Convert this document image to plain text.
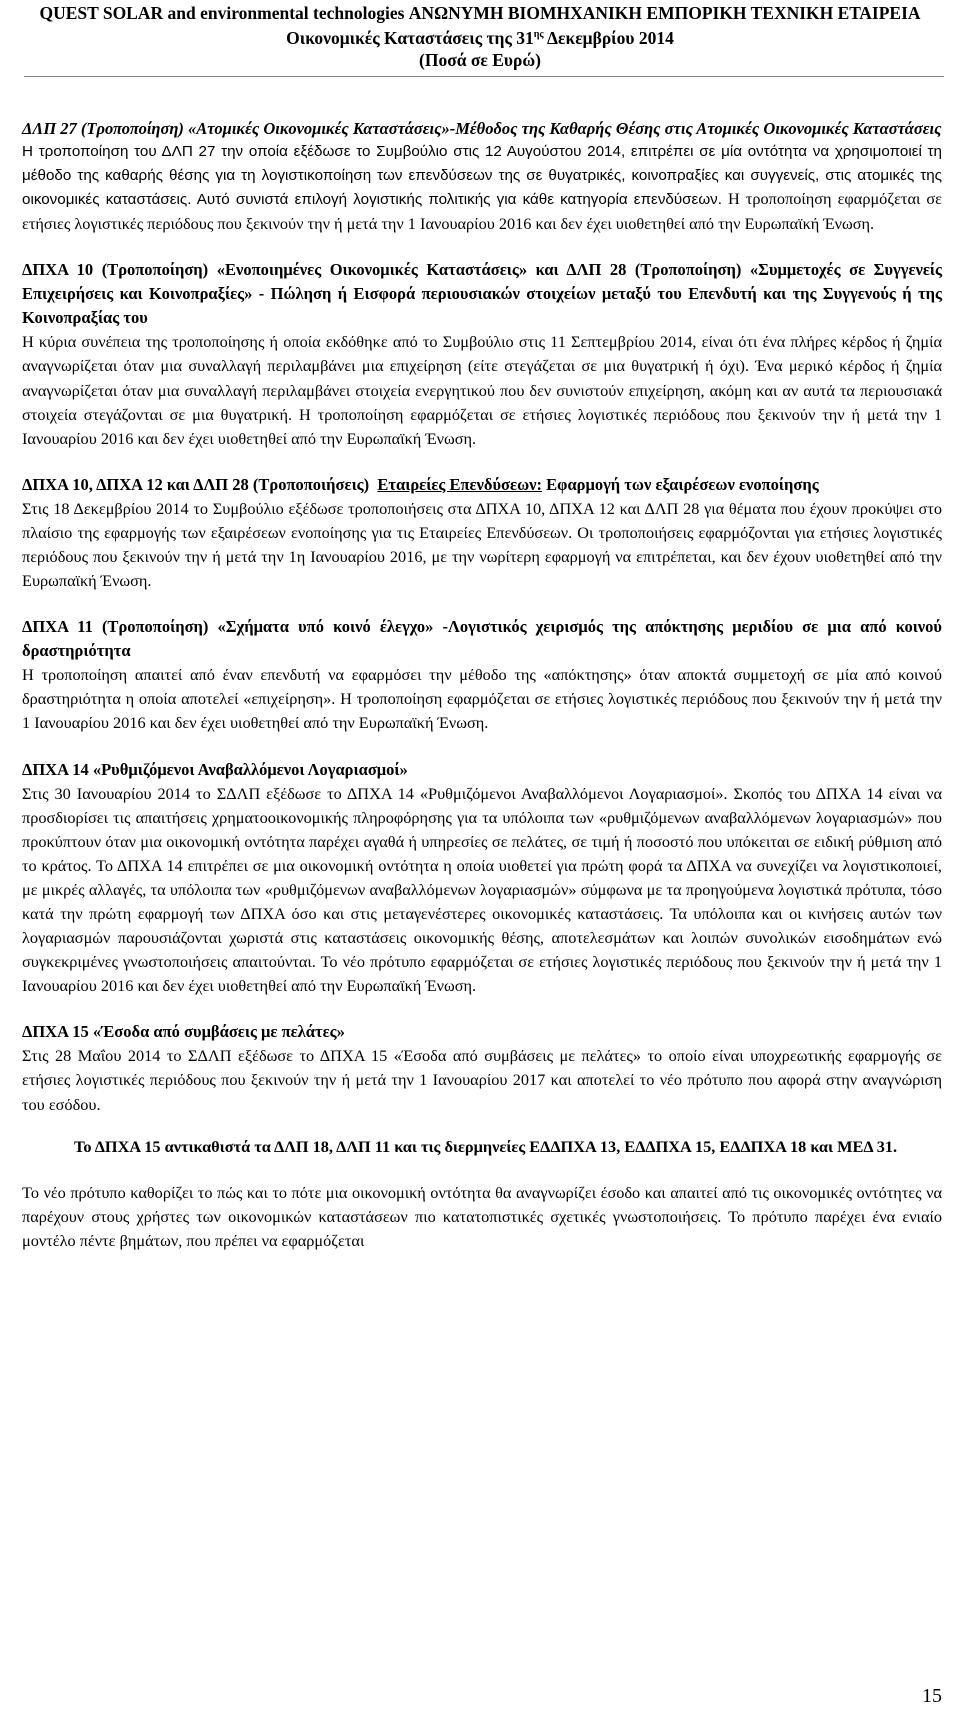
QUEST SOLAR and environmental technologies ΑΝΩΝΥΜΗ ΒΙΟΜΗΧΑΝΙΚΗ ΕΜΠΟΡΙΚΗ ΤΕΧΝΙΚΗ ΕΤΑΙΡΕΙΑ
Οικονομικές Καταστάσεις της $31^{\eta\varsigma}$ Δεκεμβρίου 2014
(Ποσά σε Ευρώ)

ΔΛΠ 27 (Τροποποίηση) «Ατομικές Οικονομικές Καταστάσεις»-Μέθοδος της Καθαρής Θέσης στις Ατομικές Οικονομικές Καταστάσεις

Η τροποποίηση του ΔΛΠ 27 την οποία εξέδωσε το Συμβούλιο στις 12 Αυγούστου 2014, επιτρέπει σε μία οντότητα να χρησιμοποιεί τη μέθοδο της καθαρής θέσης για τη λογιστικοποίηση των επενδύσεων της σε θυγατρικές, κοινοπραξίες και συγγενείς, στις ατομικές της οικονομικές καταστάσεις. Αυτό συνιστά επιλογή λογιστικής πολιτικής για κάθε κατηγορία επενδύσεων. Η τροποποίηση εφαρμόζεται σε ετήσιες λογιστικές περιόδους που ξεκινούν την ή μετά την 1 Ιανουαρίου 2016 και δεν έχει υιοθετηθεί από την Ευρωπαϊκή Ένωση.

ΔΠΧΑ 10 (Τροποποίηση) «Ενοποιημένες Οικονομικές Καταστάσεις» και ΔΛΠ 28 (Τροποποίηση) «Συμμετοχές σε Συγγενείς Επιχειρήσεις και Κοινοπραξίες» - Πώληση ή Εισφορά περιουσιακών στοιχείων μεταξύ του Επενδυτή και της Συγγενούς ή της Κοινοπραξίας του

Η κύρια συνέπεια της τροποποίησης ή οποία εκδόθηκε από το Συμβούλιο στις 11 Σεπτεμβρίου 2014, είναι ότι ένα πλήρες κέρδος ή ζημία αναγνωρίζεται όταν μια συναλλαγή περιλαμβάνει μια επιχείρηση (είτε στεγάζεται σε μια θυγατρική ή όχι). Ένα μερικό κέρδος ή ζημία αναγνωρίζεται όταν μια συναλλαγή περιλαμβάνει στοιχεία ενεργητικού που δεν συνιστούν επιχείρηση, ακόμη και αν αυτά τα περιουσιακά στοιχεία στεγάζονται σε μια θυγατρική. Η τροποποίηση εφαρμόζεται σε ετήσιες λογιστικές περιόδους που ξεκινούν την ή μετά την 1 Ιανουαρίου 2016 και δεν έχει υιοθετηθεί από την Ευρωπαϊκή Ένωση.

ΔΠΧΑ 10, ΔΠΧΑ 12 και ΔΛΠ 28 (Τροποποιήσεις) Εταιρείες Επενδύσεων: Εφαρμογή των εξαιρέσεων ενοποίησης

Στις 18 Δεκεμβρίου 2014 το Συμβούλιο εξέδωσε τροποποιήσεις στα ΔΠΧΑ 10, ΔΠΧΑ 12 και ΔΛΠ 28 για θέματα που έχουν προκύψει στο πλαίσιο της εφαρμογής των εξαιρέσεων ενοποίησης για τις Εταιρείες Επενδύσεων. Οι τροποποιήσεις εφαρμόζονται για ετήσιες λογιστικές περιόδους που ξεκινούν την ή μετά την 1η Ιανουαρίου 2016, με την νωρίτερη εφαρμογή να επιτρέπεται, και δεν έχουν υιοθετηθεί από την Ευρωπαϊκή Ένωση.

ΔΠΧΑ 11 (Τροποποίηση) «Σχήματα υπό κοινό έλεγχο» -Λογιστικός χειρισμός της απόκτησης μεριδίου σε μια από κοινού δραστηριότητα

Η τροποποίηση απαιτεί από έναν επενδυτή να εφαρμόσει την μέθοδο της «απόκτησης» όταν αποκτά συμμετοχή σε μία από κοινού δραστηριότητα η οποία αποτελεί «επιχείρηση». Η τροποποίηση εφαρμόζεται σε ετήσιες λογιστικές περιόδους που ξεκινούν την ή μετά την 1 Ιανουαρίου 2016 και δεν έχει υιοθετηθεί από την Ευρωπαϊκή Ένωση.

ΔΠΧΑ 14 «Ρυθμιζόμενοι Αναβαλλόμενοι Λογαριασμοί»

Στις 30 Ιανουαρίου 2014 το ΣΔΛΠ εξέδωσε το ΔΠΧΑ 14 «Ρυθμιζόμενοι Αναβαλλόμενοι Λογαριασμοί». Σκοπός του ΔΠΧΑ 14 είναι να προσδιορίσει τις απαιτήσεις χρηματοοικονομικής πληροφόρησης για τα υπόλοιπα των «ρυθμιζόμενων αναβαλλόμενων λογαριασμών» που προκύπτουν όταν μια οικονομική οντότητα παρέχει αγαθά ή υπηρεσίες σε πελάτες, σε τιμή ή ποσοστό που υπόκειται σε ειδική ρύθμιση από το κράτος. Το ΔΠΧΑ 14 επιτρέπει σε μια οικονομική οντότητα η οποία υιοθετεί για πρώτη φορά τα ΔΠΧΑ να συνεχίζει να λογιστικοποιεί, με μικρές αλλαγές, τα υπόλοιπα των «ρυθμιζόμενων αναβαλλόμενων λογαριασμών» σύμφωνα με τα προηγούμενα λογιστικά πρότυπα, τόσο κατά την πρώτη εφαρμογή των ΔΠΧΑ όσο και στις μεταγενέστερες οικονομικές καταστάσεις. Τα υπόλοιπα και οι κινήσεις αυτών των λογαριασμών παρουσιάζονται χωριστά στις καταστάσεις οικονομικής θέσης, αποτελεσμάτων και λοιπών συνολικών εισοδημάτων ενώ συγκεκριμένες γνωστοποιήσεις απαιτούνται. Το νέο πρότυπο εφαρμόζεται σε ετήσιες λογιστικές περιόδους που ξεκινούν την ή μετά την 1 Ιανουαρίου 2016 και δεν έχει υιοθετηθεί από την Ευρωπαϊκή Ένωση.

ΔΠΧΑ 15 «Έσοδα από συμβάσεις με πελάτες»

Στις 28 Μαΐου 2014 το ΣΔΛΠ εξέδωσε το ΔΠΧΑ 15 «Έσοδα από συμβάσεις με πελάτες» το οποίο είναι υποχρεωτικής εφαρμογής σε ετήσιες λογιστικές περιόδους που ξεκινούν την ή μετά την 1 Ιανουαρίου 2017 και αποτελεί το νέο πρότυπο που αφορά στην αναγνώριση του εσόδου.

Το ΔΠΧΑ 15 αντικαθιστά τα ΔΛΠ 18, ΔΛΠ 11 και τις διερμηνείες ΕΔΔΠΧΑ 13, ΕΔΔΠΧΑ 15, ΕΔΔΠΧΑ 18 και ΜΕΔ 31.

Το νέο πρότυπο καθορίζει το πώς και το πότε μια οικονομική οντότητα θα αναγνωρίζει έσοδο και απαιτεί από τις οικονομικές οντότητες να παρέχουν στους χρήστες των οικονομικών καταστάσεων πιο κατατοπιστικές σχετικές γνωστοποιήσεις. Το πρότυπο παρέχει ένα ενιαίο μοντέλο πέντε βημάτων, που πρέπει να εφαρμόζεται

15
